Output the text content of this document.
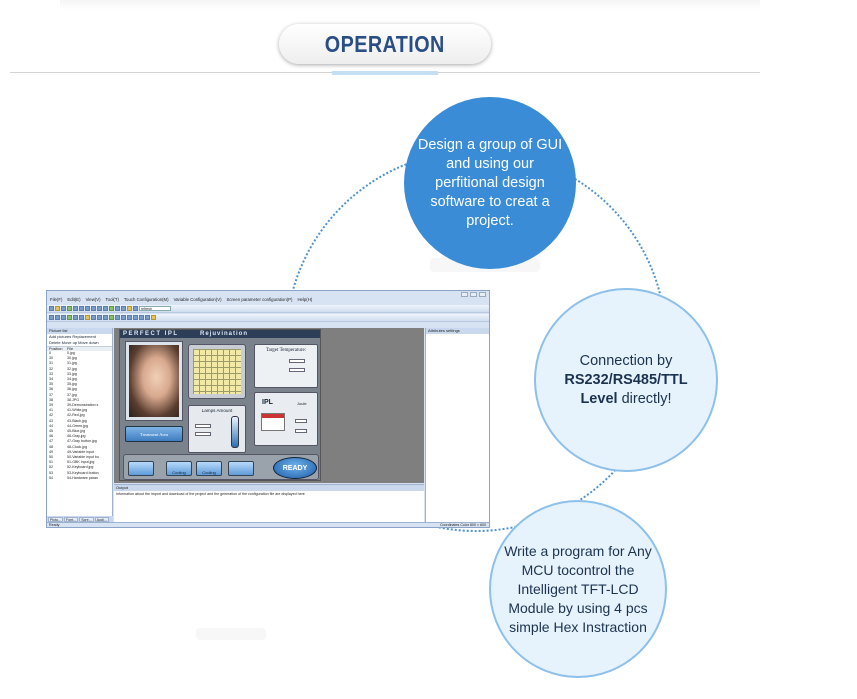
OPERATION
File(F) Edit(E) View(V) Tool(T) Touch Configuration(M) Variable Configuration(V) Screen parameter configuration(P) Help(H)
refresh
Picture list
Add pictures Replacement
Delete Move up Move down
Position	File
0	0.jpg
30	30.jpg
31	31.jpg
32	32.jpg
33	33.jpg
34	34.jpg
35	35.jpg
36	36.jpg
37	37.jpg
38	38.JPG
39	39-Demonstration s
41	41-White.jpg
42	42-Red.jpg
43	43-Black.jpg
44	44-Green.jpg
45	45-Blue.jpg
46	46-Gray.jpg
47	47-Gray button.jpg
48	48-Clock.jpg
49	49-Variable input
50	50-Variable input bu
51	51-GBK input.jpg
52	52-Keyboard.jpg
53	53-Keyboard button
54	54-Hardware paran
Pictu...	Font...	Scre...	Audi...
PERFECT IPL	Rejuvination
Lamps Amount
Target Temperature:
IPL	Joule
Treatment Area
Cooling	Cooling
READY
Attributes settings
Output
Information about the import and download of the project and the generation of the configuration file are displayed here
Ready	Coordinates Color 800 × 600
Design a group of GUI and using our perfitional design software to creat a project.
Connection by
RS232/RS485/TTL Level directly!
Write a program for Any MCU tocontrol the Intelligent TFT-LCD Module by using 4 pcs simple Hex Instraction
